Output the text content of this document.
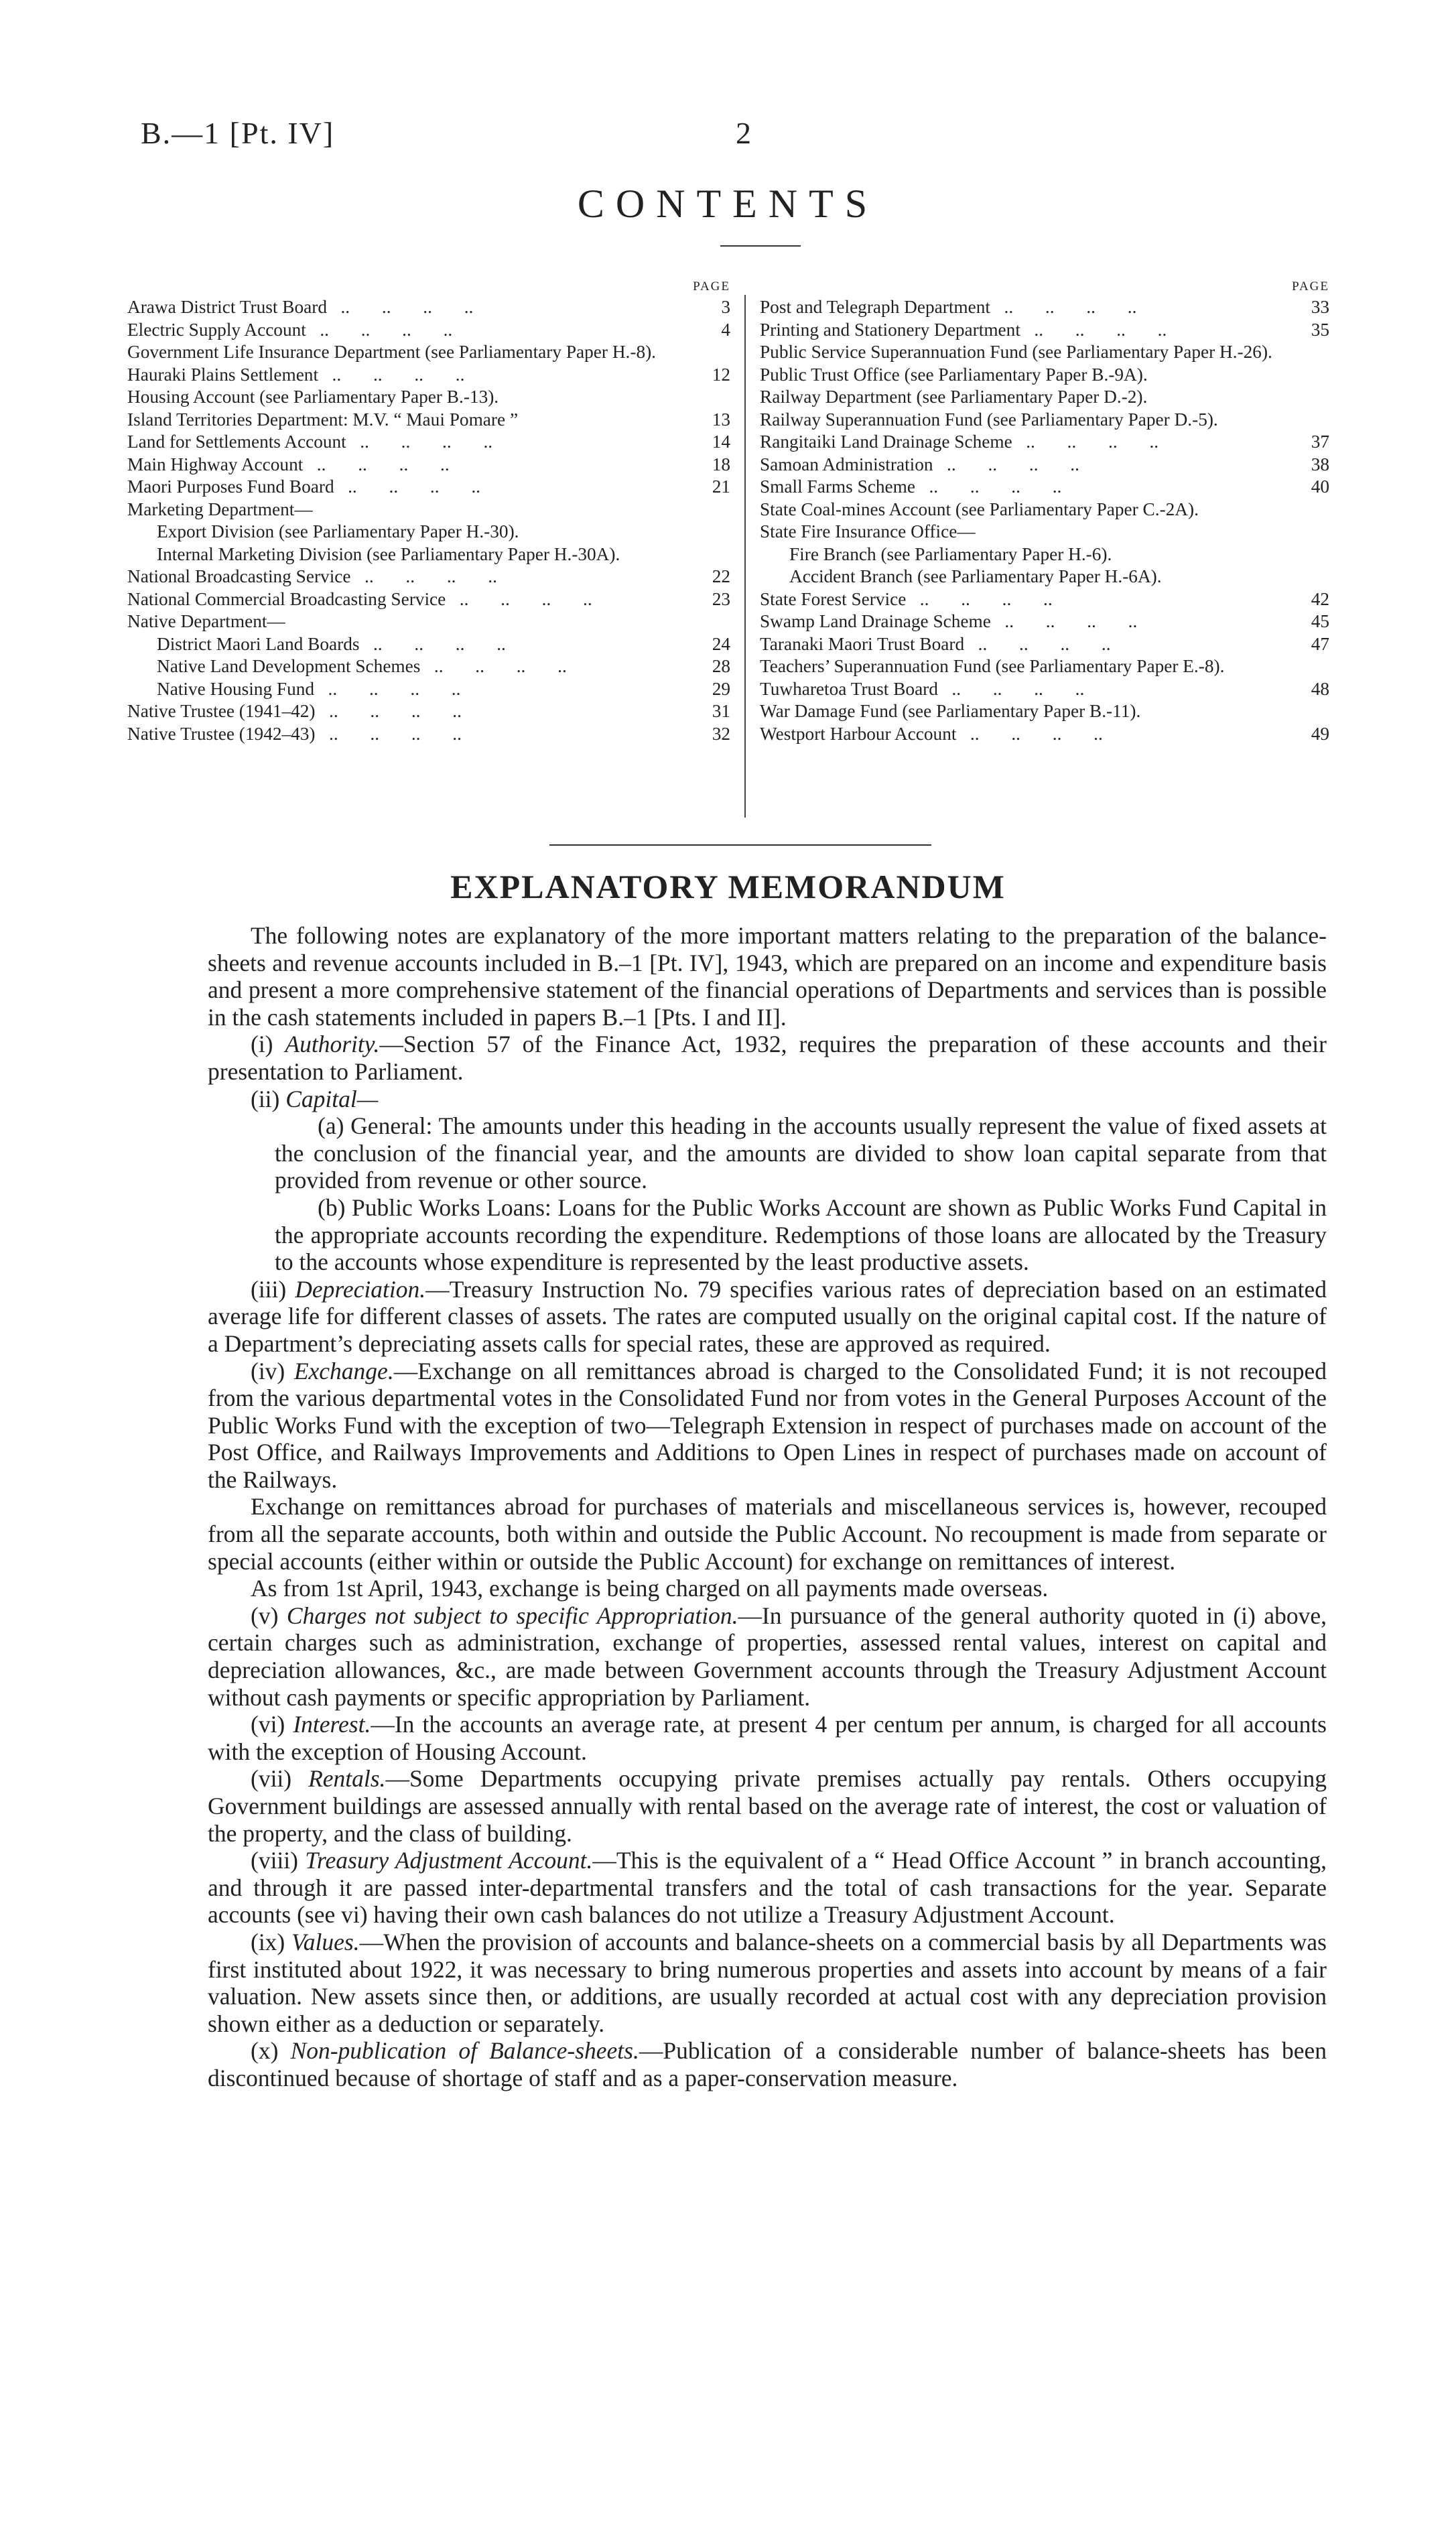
B.—1 [Pt. IV]	2
CONTENTS
PAGE
Arawa District Trust Board ..	3
Electric Supply Account ..	4
Government Life Insurance Department (see Parliamentary Paper H.-8).
Hauraki Plains Settlement ..	12
Housing Account (see Parliamentary Paper B.-13).
Island Territories Department: M.V. “ Maui Pomare ”	13
Land for Settlements Account ..	14
Main Highway Account ..	18
Maori Purposes Fund Board ..	21
Marketing Department—
Export Division (see Parliamentary Paper H.-30).
Internal Marketing Division (see Parliamentary Paper H.-30A).
National Broadcasting Service ..	22
National Commercial Broadcasting Service ..	23
Native Department—
District Maori Land Boards ..	24
Native Land Development Schemes ..	28
Native Housing Fund ..	29
Native Trustee (1941–42) ..	31
Native Trustee (1942–43) ..	32
PAGE
Post and Telegraph Department ..	33
Printing and Stationery Department ..	35
Public Service Superannuation Fund (see Parliamentary Paper H.-26).
Public Trust Office (see Parliamentary Paper B.-9A).
Railway Department (see Parliamentary Paper D.-2).
Railway Superannuation Fund (see Parliamentary Paper D.-5).
Rangitaiki Land Drainage Scheme ..	37
Samoan Administration ..	38
Small Farms Scheme ..	40
State Coal-mines Account (see Parliamentary Paper C.-2A).
State Fire Insurance Office—
Fire Branch (see Parliamentary Paper H.-6).
Accident Branch (see Parliamentary Paper H.-6A).
State Forest Service ..	42
Swamp Land Drainage Scheme ..	45
Taranaki Maori Trust Board ..	47
Teachers’ Superannuation Fund (see Parliamentary Paper E.-8).
Tuwharetoa Trust Board ..	48
War Damage Fund (see Parliamentary Paper B.-11).
Westport Harbour Account ..	49
EXPLANATORY MEMORANDUM

The following notes are explanatory of the more important matters relating to the preparation of the balance-sheets and revenue accounts included in B.–1 [Pt. IV], 1943, which are prepared on an income and expenditure basis and present a more comprehensive statement of the financial operations of Departments and services than is possible in the cash statements included in papers B.–1 [Pts. I and II].

(i) Authority.—Section 57 of the Finance Act, 1932, requires the preparation of these accounts and their presentation to Parliament.

(ii) Capital—

(a) General: The amounts under this heading in the accounts usually represent the value of fixed assets at the conclusion of the financial year, and the amounts are divided to show loan capital separate from that provided from revenue or other source.

(b) Public Works Loans: Loans for the Public Works Account are shown as Public Works Fund Capital in the appropriate accounts recording the expenditure. Redemptions of those loans are allocated by the Treasury to the accounts whose expenditure is represented by the least productive assets.

(iii) Depreciation.—Treasury Instruction No. 79 specifies various rates of depreciation based on an estimated average life for different classes of assets. The rates are computed usually on the original capital cost. If the nature of a Department’s depreciating assets calls for special rates, these are approved as required.

(iv) Exchange.—Exchange on all remittances abroad is charged to the Consolidated Fund; it is not recouped from the various departmental votes in the Consolidated Fund nor from votes in the General Purposes Account of the Public Works Fund with the exception of two—Telegraph Extension in respect of purchases made on account of the Post Office, and Railways Improvements and Additions to Open Lines in respect of purchases made on account of the Railways.

Exchange on remittances abroad for purchases of materials and miscellaneous services is, however, recouped from all the separate accounts, both within and outside the Public Account. No recoupment is made from separate or special accounts (either within or outside the Public Account) for exchange on remittances of interest.

As from 1st April, 1943, exchange is being charged on all payments made overseas.

(v) Charges not subject to specific Appropriation.—In pursuance of the general authority quoted in (i) above, certain charges such as administration, exchange of properties, assessed rental values, interest on capital and depreciation allowances, &c., are made between Government accounts through the Treasury Adjustment Account without cash payments or specific appropriation by Parliament.

(vi) Interest.—In the accounts an average rate, at present 4 per centum per annum, is charged for all accounts with the exception of Housing Account.

(vii) Rentals.—Some Departments occupying private premises actually pay rentals. Others occupying Government buildings are assessed annually with rental based on the average rate of interest, the cost or valuation of the property, and the class of building.

(viii) Treasury Adjustment Account.—This is the equivalent of a “ Head Office Account ” in branch accounting, and through it are passed inter-departmental transfers and the total of cash transactions for the year. Separate accounts (see vi) having their own cash balances do not utilize a Treasury Adjustment Account.

(ix) Values.—When the provision of accounts and balance-sheets on a commercial basis by all Departments was first instituted about 1922, it was necessary to bring numerous properties and assets into account by means of a fair valuation. New assets since then, or additions, are usually recorded at actual cost with any depreciation provision shown either as a deduction or separately.

(x) Non-publication of Balance-sheets.—Publication of a considerable number of balance-sheets has been discontinued because of shortage of staff and as a paper-conservation measure.
